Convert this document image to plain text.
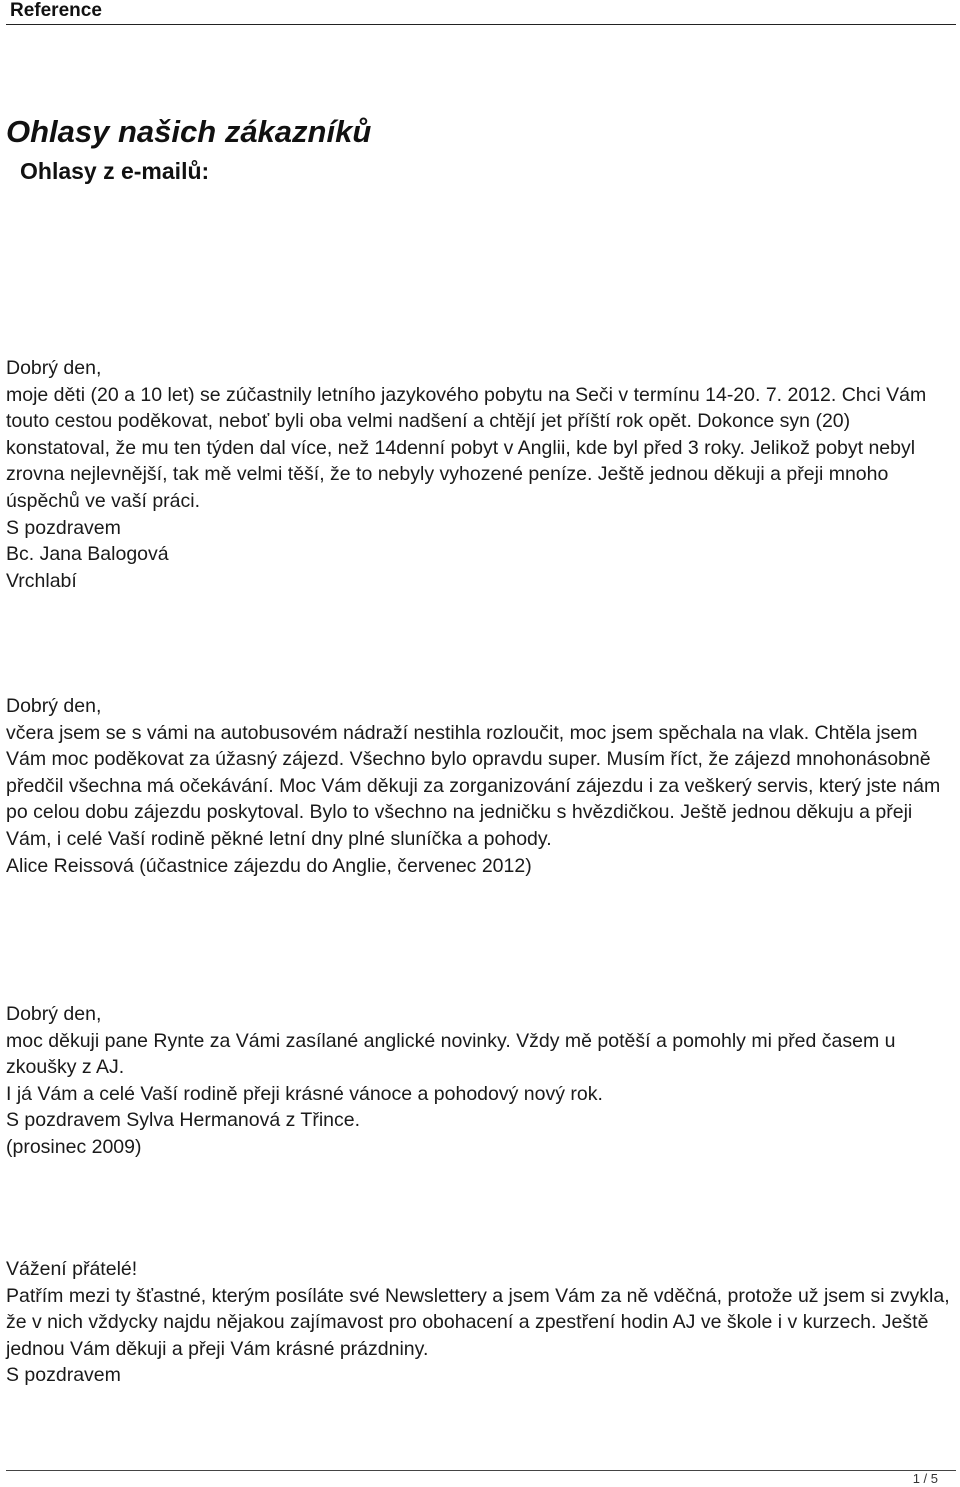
Reference
Ohlasy našich zákazníků
Ohlasy z e-mailů:

Dobrý den,

moje děti (20 a 10 let) se zúčastnily letního jazykového pobytu na Seči v termínu 14-20. 7. 2012. Chci Vám touto cestou poděkovat, neboť byli oba velmi nadšení a chtějí jet příští rok opět. Dokonce syn (20) konstatoval, že mu ten týden dal více, než 14denní pobyt v Anglii, kde byl před 3 roky. Jelikož pobyt nebyl zrovna nejlevnější, tak mě velmi těší, že to nebyly vyhozené peníze. Ještě jednou děkuji a přeji mnoho úspěchů ve vaší práci.

S pozdravem

Bc. Jana Balogová

Vrchlabí

Dobrý den,

včera jsem se s vámi na autobusovém nádraží nestihla rozloučit, moc jsem spěchala na vlak. Chtěla jsem Vám moc poděkovat za úžasný zájezd. Všechno bylo opravdu super. Musím říct, že zájezd mnohonásobně předčil všechna má očekávání. Moc Vám děkuji za zorganizování zájezdu i za veškerý servis, který jste nám po celou dobu zájezdu poskytoval. Bylo to všechno na jedničku s hvězdičkou. Ještě jednou děkuju a přeji Vám, i celé Vaší rodině pěkné letní dny plné sluníčka a pohody.

Alice Reissová (účastnice zájezdu do Anglie, červenec 2012)

Dobrý den,

moc děkuji pane Rynte za Vámi zasílané anglické novinky. Vždy mě potěší a pomohly mi před časem u zkoušky z AJ.

I já Vám a celé Vaší rodině přeji krásné vánoce a pohodový nový rok.

S pozdravem Sylva Hermanová z Třince.

(prosinec 2009)

Vážení přátelé!

Patřím mezi ty šťastné, kterým posíláte své Newslettery a jsem Vám za ně vděčná, protože už jsem si zvykla, že v nich vždycky najdu nějakou zajímavost pro obohacení a zpestření hodin AJ ve škole i v kurzech. Ještě jednou Vám děkuji a přeji Vám krásné prázdniny.

S pozdravem

1 / 5
